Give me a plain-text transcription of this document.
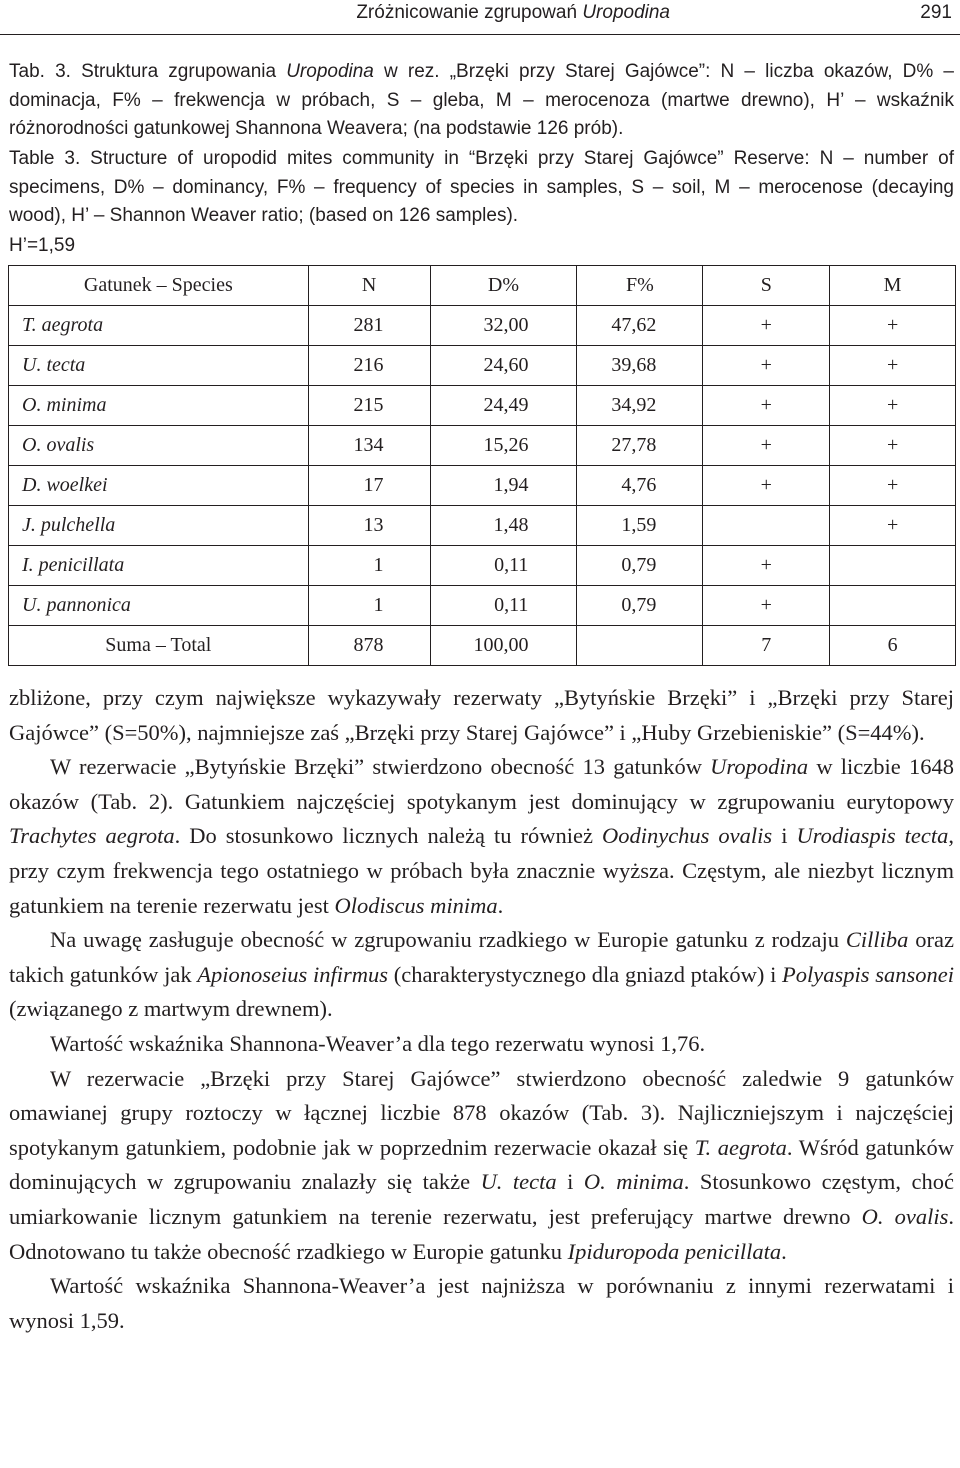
Zróżnicowanie zgrupowań Uropodina	291

Tab. 3. Struktura zgrupowania Uropodina w rez. „Brzęki przy Starej Gajówce”: N – liczba okazów, D% – dominacja, F% – frekwencja w próbach, S – gleba, M – merocenoza (martwe drewno), H’ – wskaźnik różnorodności gatunkowej Shannona Weavera; (na podstawie 126 prób).

Table 3. Structure of uropodid mites community in “Brzęki przy Starej Gajówce” Reserve: N – number of specimens, D% – dominancy, F% – frequency of species in samples, S – soil, M – merocenose (decaying wood), H’ – Shannon Weaver ratio; (based on 126 samples).

H’=1,59
Gatunek – Species	N	D%	F%	S	M
T. aegrota	281	32,00	47,62	+	+
U. tecta	216	24,60	39,68	+	+
O. minima	215	24,49	34,92	+	+
O. ovalis	134	15,26	27,78	+	+
D. woelkei	17	1,94	4,76	+	+
J. pulchella	13	1,48	1,59		+
I. penicillata	1	0,11	0,79	+	
U. pannonica	1	0,11	0,79	+	
Suma – Total	878	100,00		7	6

zbliżone, przy czym największe wykazywały rezerwaty „Bytyńskie Brzęki” i „Brzęki przy Starej Gajówce” (S=50%), najmniejsze zaś „Brzęki przy Starej Gajówce” i „Huby Grzebieniskie” (S=44%).

W rezerwacie „Bytyńskie Brzęki” stwierdzono obecność 13 gatunków Uropodina w liczbie 1648 okazów (Tab. 2). Gatunkiem najczęściej spotykanym jest dominujący w zgrupowaniu eurytopowy Trachytes aegrota. Do stosunkowo licznych należą tu również Oodinychus ovalis i Urodiaspis tecta, przy czym frekwencja tego ostatniego w próbach była znacznie wyższa. Częstym, ale niezbyt licznym gatunkiem na terenie rezerwatu jest Olodiscus minima.

Na uwagę zasługuje obecność w zgrupowaniu rzadkiego w Europie gatunku z rodzaju Cilliba oraz takich gatunków jak Apionoseius infirmus (charakterystycznego dla gniazd ptaków) i Polyaspis sansonei (związanego z martwym drewnem).

Wartość wskaźnika Shannona-Weaver’a dla tego rezerwatu wynosi 1,76.

W rezerwacie „Brzęki przy Starej Gajówce” stwierdzono obecność zaledwie 9 gatunków omawianej grupy roztoczy w łącznej liczbie 878 okazów (Tab. 3). Najliczniejszym i najczęściej spotykanym gatunkiem, podobnie jak w poprzednim rezerwacie okazał się T. aegrota. Wśród gatunków dominujących w zgrupowaniu znalazły się także U. tecta i O. minima. Stosunkowo częstym, choć umiarkowanie licznym gatunkiem na terenie rezerwatu, jest preferujący martwe drewno O. ovalis. Odnotowano tu także obecność rzadkiego w Europie gatunku Ipiduropoda penicillata.

Wartość wskaźnika Shannona-Weaver’a jest najniższa w porównaniu z innymi rezerwatami i wynosi 1,59.
